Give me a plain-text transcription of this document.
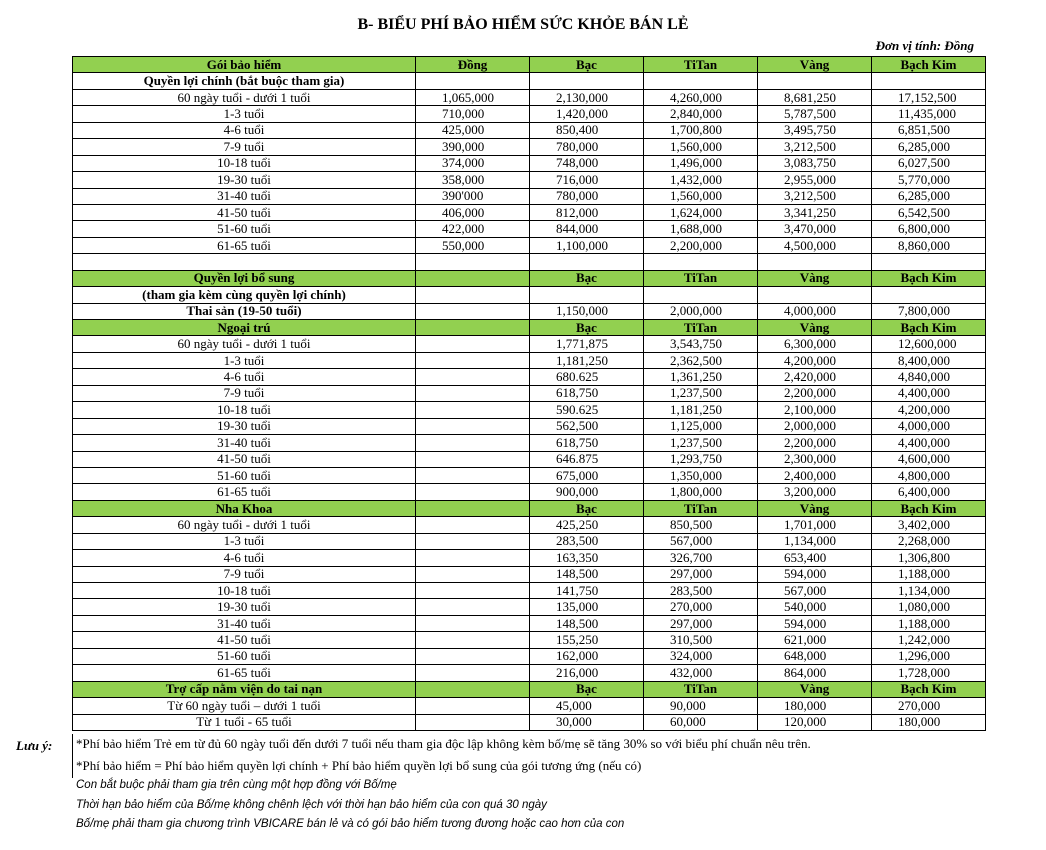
B- BIỂU PHÍ BẢO HIỂM SỨC KHỎE BÁN LẺ
Đơn vị tính: Đồng
Gói bảo hiểm	Đồng	Bạc	TiTan	Vàng	Bạch Kim
Quyền lợi chính (bắt buộc tham gia)					
60 ngày tuổi - dưới 1 tuổi	1,065,000	2,130,000	4,260,000	8,681,250	17,152,500
1-3 tuổi	710,000	1,420,000	2,840,000	5,787,500	11,435,000
4-6 tuổi	425,000	850,400	1,700,800	3,495,750	6,851,500
7-9 tuổi	390,000	780,000	1,560,000	3,212,500	6,285,000
10-18 tuổi	374,000	748,000	1,496,000	3,083,750	6,027,500
19-30 tuổi	358,000	716,000	1,432,000	2,955,000	5,770,000
31-40 tuổi	390'000	780,000	1,560,000	3,212,500	6,285,000
41-50 tuổi	406,000	812,000	1,624,000	3,341,250	6,542,500
51-60 tuổi	422,000	844,000	1,688,000	3,470,000	6,800,000
61-65 tuổi	550,000	1,100,000	2,200,000	4,500,000	8,860,000

Quyền lợi bổ sung		Bạc	TiTan	Vàng	Bạch Kim
(tham gia kèm cùng quyền lợi chính)					
Thai sản (19-50 tuổi)		1,150,000	2,000,000	4,000,000	7,800,000
Ngoại trú		Bạc	TiTan	Vàng	Bạch Kim
60 ngày tuổi - dưới 1 tuổi		1,771,875	3,543,750	6,300,000	12,600,000
1-3 tuổi		1,181,250	2,362,500	4,200,000	8,400,000
4-6 tuổi		680.625	1,361,250	2,420,000	4,840,000
7-9 tuổi		618,750	1,237,500	2,200,000	4,400,000
10-18 tuổi		590.625	1,181,250	2,100,000	4,200,000
19-30 tuổi		562,500	1,125,000	2,000,000	4,000,000
31-40 tuổi		618,750	1,237,500	2,200,000	4,400,000
41-50 tuổi		646.875	1,293,750	2,300,000	4,600,000
51-60 tuổi		675,000	1,350,000	2,400,000	4,800,000
61-65 tuổi		900,000	1,800,000	3,200,000	6,400,000
Nha Khoa		Bạc	TiTan	Vàng	Bạch Kim
60 ngày tuổi - dưới 1 tuổi		425,250	850,500	1,701,000	3,402,000
1-3 tuổi		283,500	567,000	1,134,000	2,268,000
4-6 tuổi		163,350	326,700	653,400	1,306,800
7-9 tuổi		148,500	297,000	594,000	1,188,000
10-18 tuổi		141,750	283,500	567,000	1,134,000
19-30 tuổi		135,000	270,000	540,000	1,080,000
31-40 tuổi		148,500	297,000	594,000	1,188,000
41-50 tuổi		155,250	310,500	621,000	1,242,000
51-60 tuổi		162,000	324,000	648,000	1,296,000
61-65 tuổi		216,000	432,000	864,000	1,728,000
Trợ cấp nằm viện do tai nạn		Bạc	TiTan	Vàng	Bạch Kim
Từ 60 ngày tuổi – dưới 1 tuổi		45,000	90,000	180,000	270,000
Từ 1 tuổi - 65 tuổi		30,000	60,000	120,000	180,000
Lưu ý: *Phí bảo hiểm Trẻ em từ đủ 60 ngày tuổi đến dưới 7 tuổi nếu tham gia độc lập không kèm bố/mẹ sẽ tăng 30% so với biểu phí chuẩn nêu trên.
*Phí bảo hiểm = Phí bảo hiểm quyền lợi chính + Phí bảo hiểm quyền lợi bổ sung của gói tương ứng (nếu có)
Con bắt buộc phải tham gia trên cùng một hợp đồng với Bố/mẹ
Thời hạn bảo hiểm của Bố/mẹ không chênh lệch với thời hạn bảo hiểm của con quá 30 ngày
Bố/mẹ phải tham gia chương trình VBICARE bán lẻ và có gói bảo hiểm tương đương hoặc cao hơn của con
